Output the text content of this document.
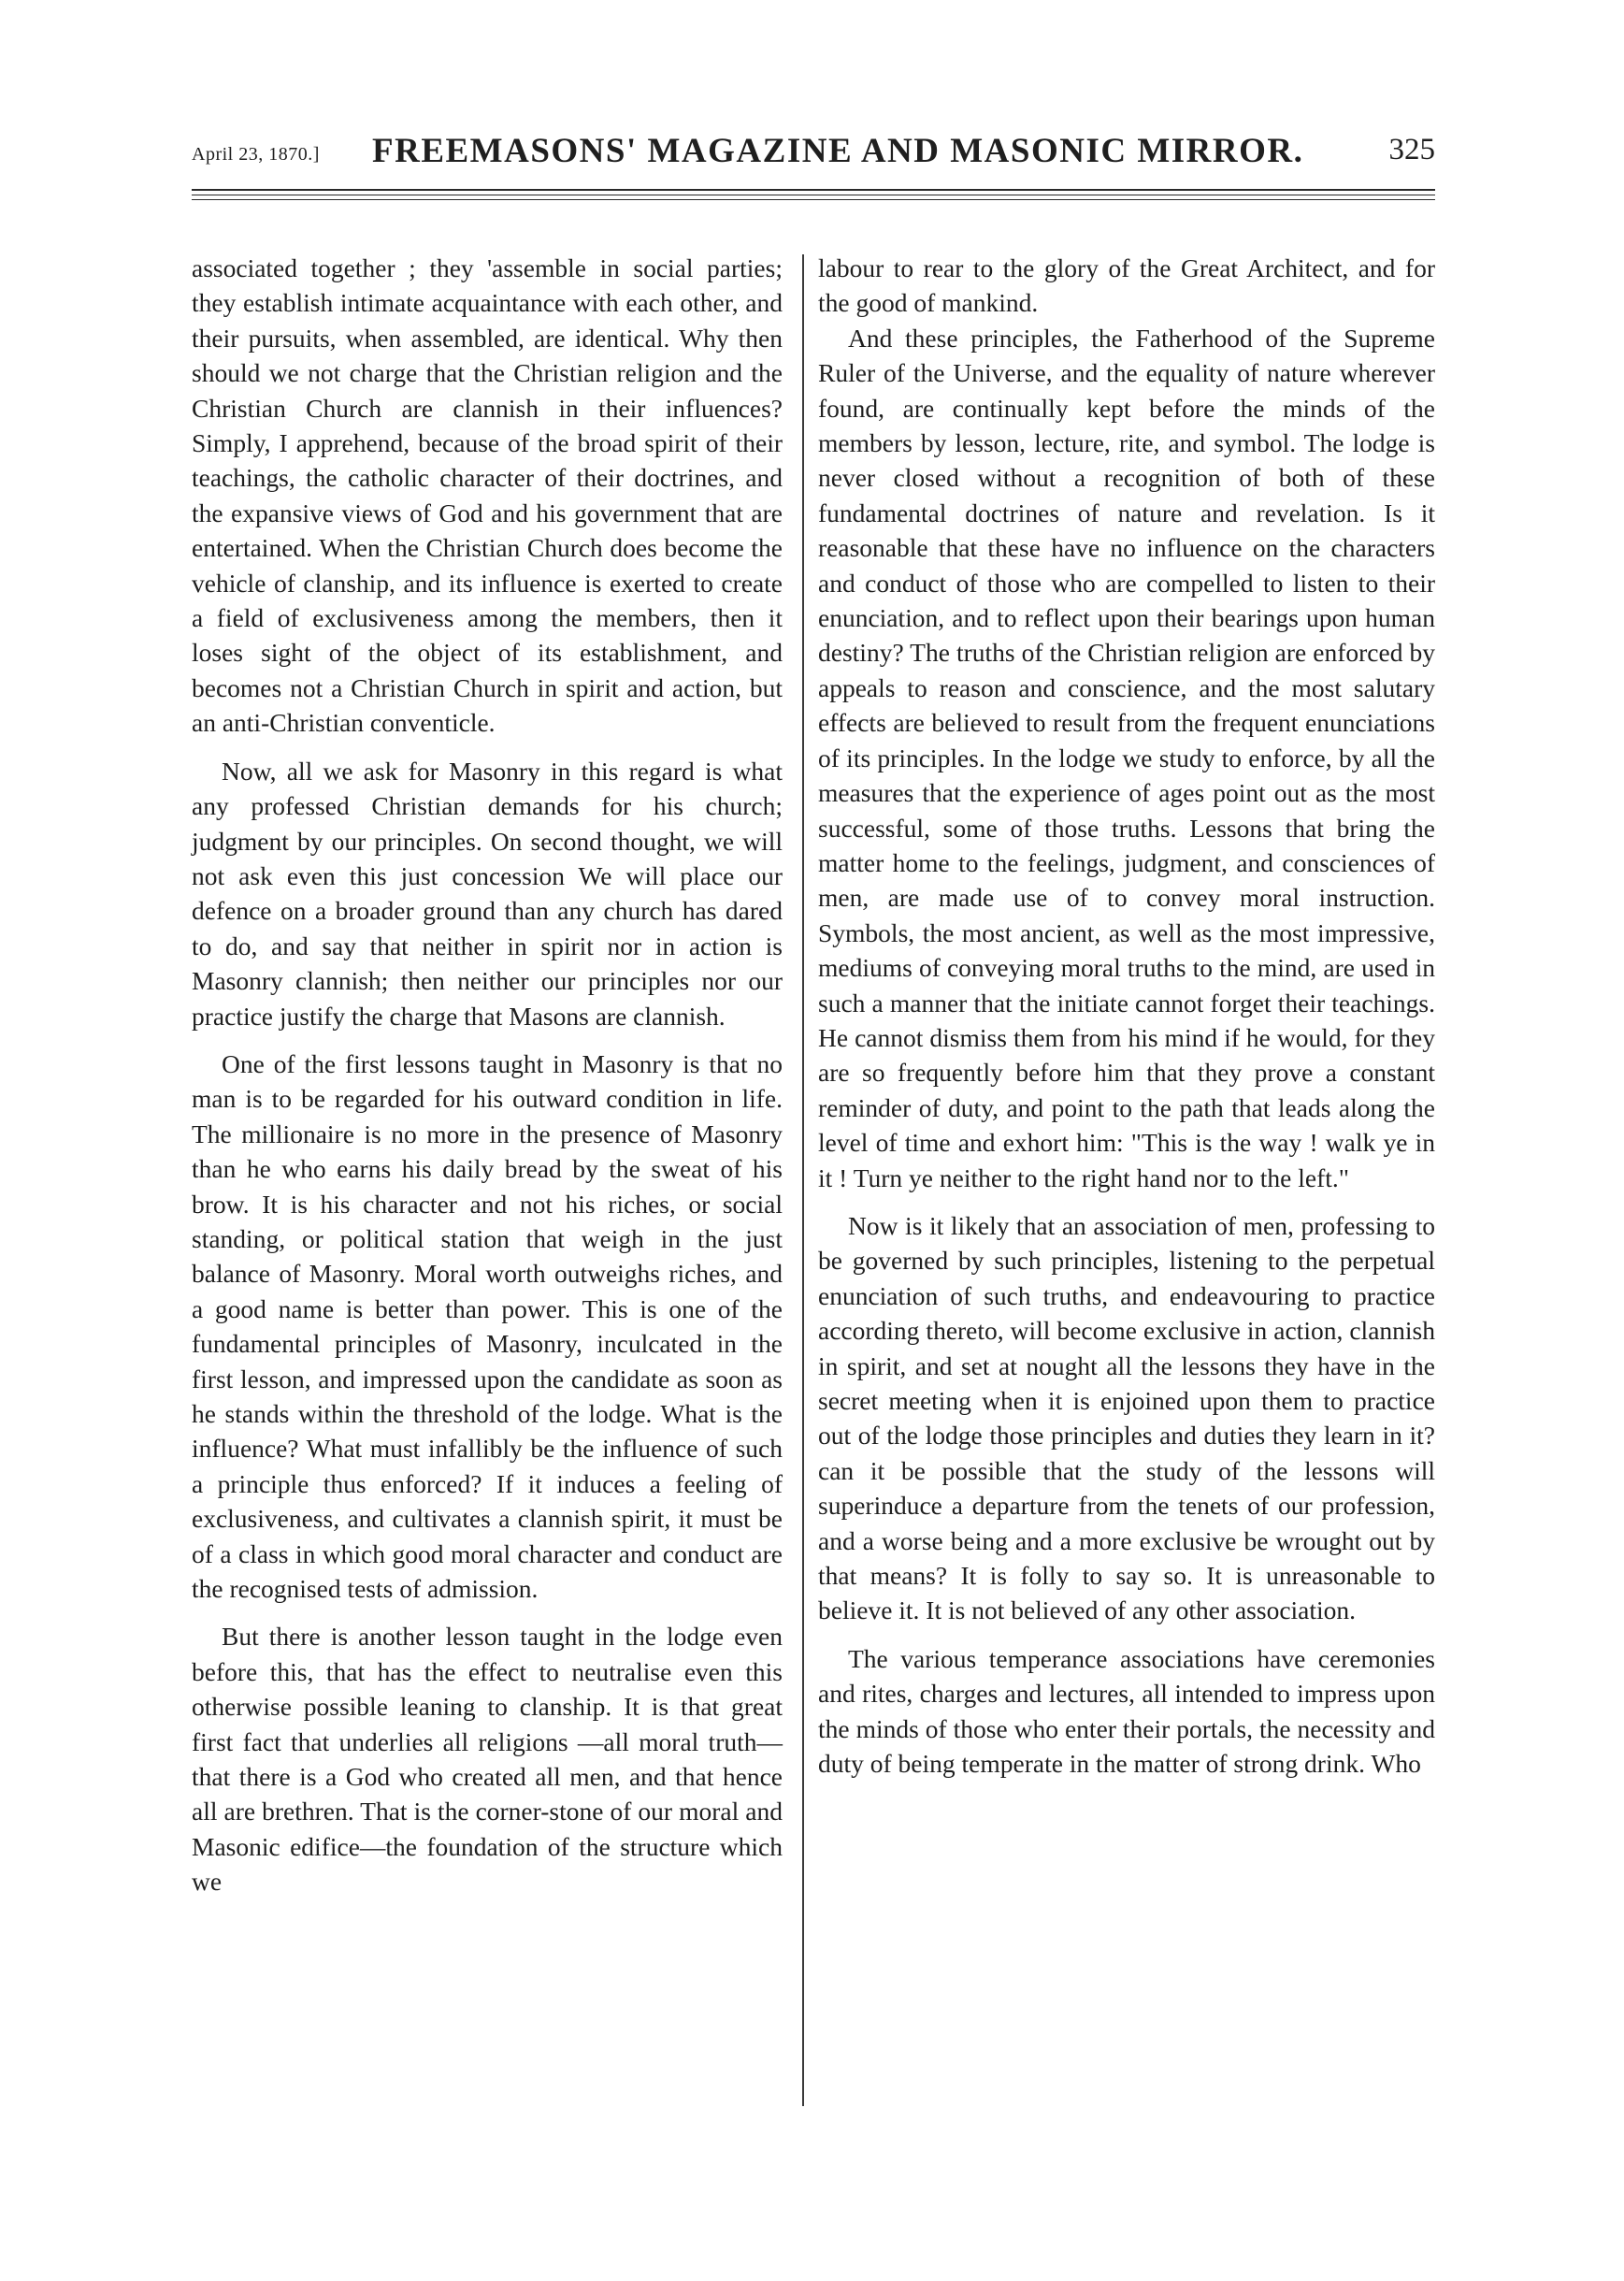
April 23, 1870.] FREEMASONS' MAGAZINE AND MASONIC MIRROR.	325

associated together ; they 'assemble in social parties; they establish intimate acquaintance with each other, and their pursuits, when assembled, are identical. Why then should we not charge that the Christian religion and the Christian Church are clannish in their influences? Simply, I apprehend, because of the broad spirit of their teachings, the catholic character of their doctrines, and the expansive views of God and his government that are entertained. When the Christian Church does become the vehicle of clanship, and its influence is exerted to create a field of exclusiveness among the members, then it loses sight of the object of its establishment, and becomes not a Christian Church in spirit and action, but an anti-Christian conventicle.

Now, all we ask for Masonry in this regard is what any professed Christian demands for his church; judgment by our principles. On second thought, we will not ask even this just concession We will place our defence on a broader ground than any church has dared to do, and say that neither in spirit nor in action is Masonry clannish; then neither our principles nor our practice justify the charge that Masons are clannish.

One of the first lessons taught in Masonry is that no man is to be regarded for his outward condition in life. The millionaire is no more in the presence of Masonry than he who earns his daily bread by the sweat of his brow. It is his character and not his riches, or social standing, or political station that weigh in the just balance of Masonry. Moral worth outweighs riches, and a good name is better than power. This is one of the fundamental principles of Masonry, inculcated in the first lesson, and impressed upon the candidate as soon as he stands within the threshold of the lodge. What is the influence? What must infallibly be the influence of such a principle thus enforced? If it induces a feeling of exclusiveness, and cultivates a clannish spirit, it must be of a class in which good moral character and conduct are the recognised tests of admission.

But there is another lesson taught in the lodge even before this, that has the effect to neutralise even this otherwise possible leaning to clanship. It is that great first fact that underlies all religions —all moral truth—that there is a God who created all men, and that hence all are brethren. That is the corner-stone of our moral and Masonic edifice—the foundation of the structure which we

labour to rear to the glory of the Great Architect, and for the good of mankind.

And these principles, the Fatherhood of the Supreme Ruler of the Universe, and the equality of nature wherever found, are continually kept before the minds of the members by lesson, lecture, rite, and symbol. The lodge is never closed without a recognition of both of these fundamental doctrines of nature and revelation. Is it reasonable that these have no influence on the characters and conduct of those who are compelled to listen to their enunciation, and to reflect upon their bearings upon human destiny? The truths of the Christian religion are enforced by appeals to reason and conscience, and the most salutary effects are believed to result from the frequent enunciations of its principles. In the lodge we study to enforce, by all the measures that the experience of ages point out as the most successful, some of those truths. Lessons that bring the matter home to the feelings, judgment, and consciences of men, are made use of to convey moral instruction. Symbols, the most ancient, as well as the most impressive, mediums of conveying moral truths to the mind, are used in such a manner that the initiate cannot forget their teachings. He cannot dismiss them from his mind if he would, for they are so frequently before him that they prove a constant reminder of duty, and point to the path that leads along the level of time and exhort him: "This is the way ! walk ye in it ! Turn ye neither to the right hand nor to the left."

Now is it likely that an association of men, professing to be governed by such principles, listening to the perpetual enunciation of such truths, and endeavouring to practice according thereto, will become exclusive in action, clannish in spirit, and set at nought all the lessons they have in the secret meeting when it is enjoined upon them to practice out of the lodge those principles and duties they learn in it? can it be possible that the study of the lessons will superinduce a departure from the tenets of our profession, and a worse being and a more exclusive be wrought out by that means? It is folly to say so. It is unreasonable to believe it. It is not believed of any other association.

The various temperance associations have ceremonies and rites, charges and lectures, all intended to impress upon the minds of those who enter their portals, the necessity and duty of being temperate in the matter of strong drink. Who
